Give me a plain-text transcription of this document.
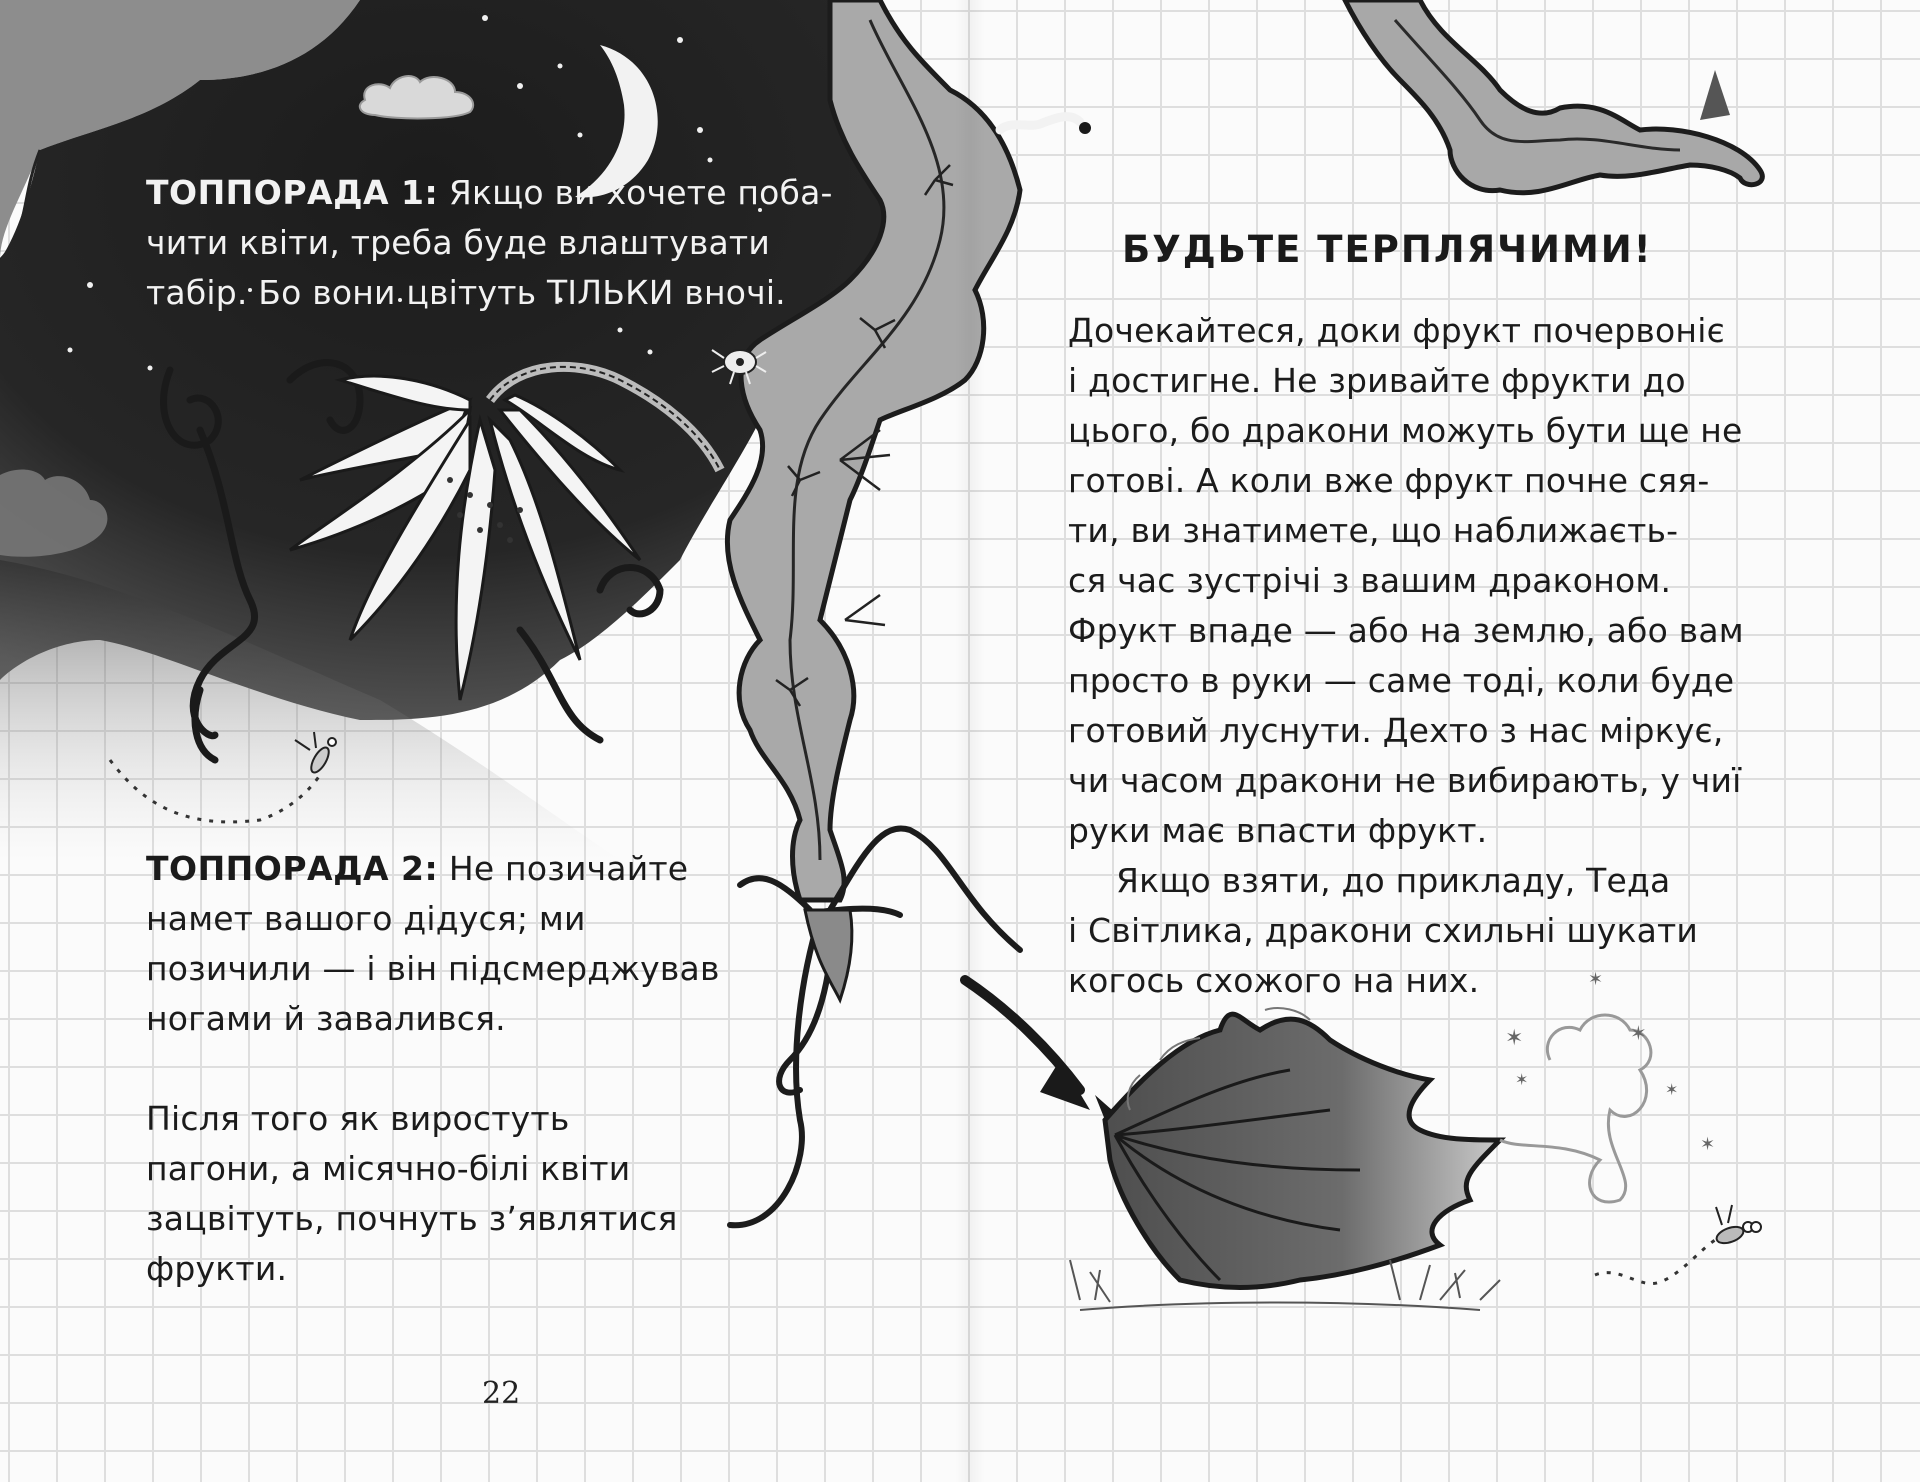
✶	✶
✶
✶
✶
✶
ТОППОРАДА 1: Якщо ви хочете поба-
чити квіти, треба буде влаштувати
табір. Бо вони цвітуть ТІЛЬКИ вночі.
ТОППОРАДА 2: Не позичайте
намет вашого дідуся; ми
позичили — і він підсмерджував
ногами й завалився.
Після того як виростуть
пагони, а місячно-білі квіти
зацвітуть, почнуть з’являтися
фрукти.
22
БУДЬТЕ ТЕРПЛЯЧИМИ!
Дочекайтеся, доки фрукт почервоніє
і достигне. Не зривайте фрукти до
цього, бо дракони можуть бути ще не
готові. А коли вже фрукт почне сяя-
ти, ви знатимете, що наближаєть-
ся час зустрічі з вашим драконом.
Фрукт впаде — або на землю, або вам
просто в руки — саме тоді, коли буде
готовий луснути. Дехто з нас міркує,
чи часом дракони не вибирають, у чиї
руки має впасти фрукт.
Якщо взяти, до прикладу, Теда
і Світлика, дракони схильні шукати
когось схожого на них.
